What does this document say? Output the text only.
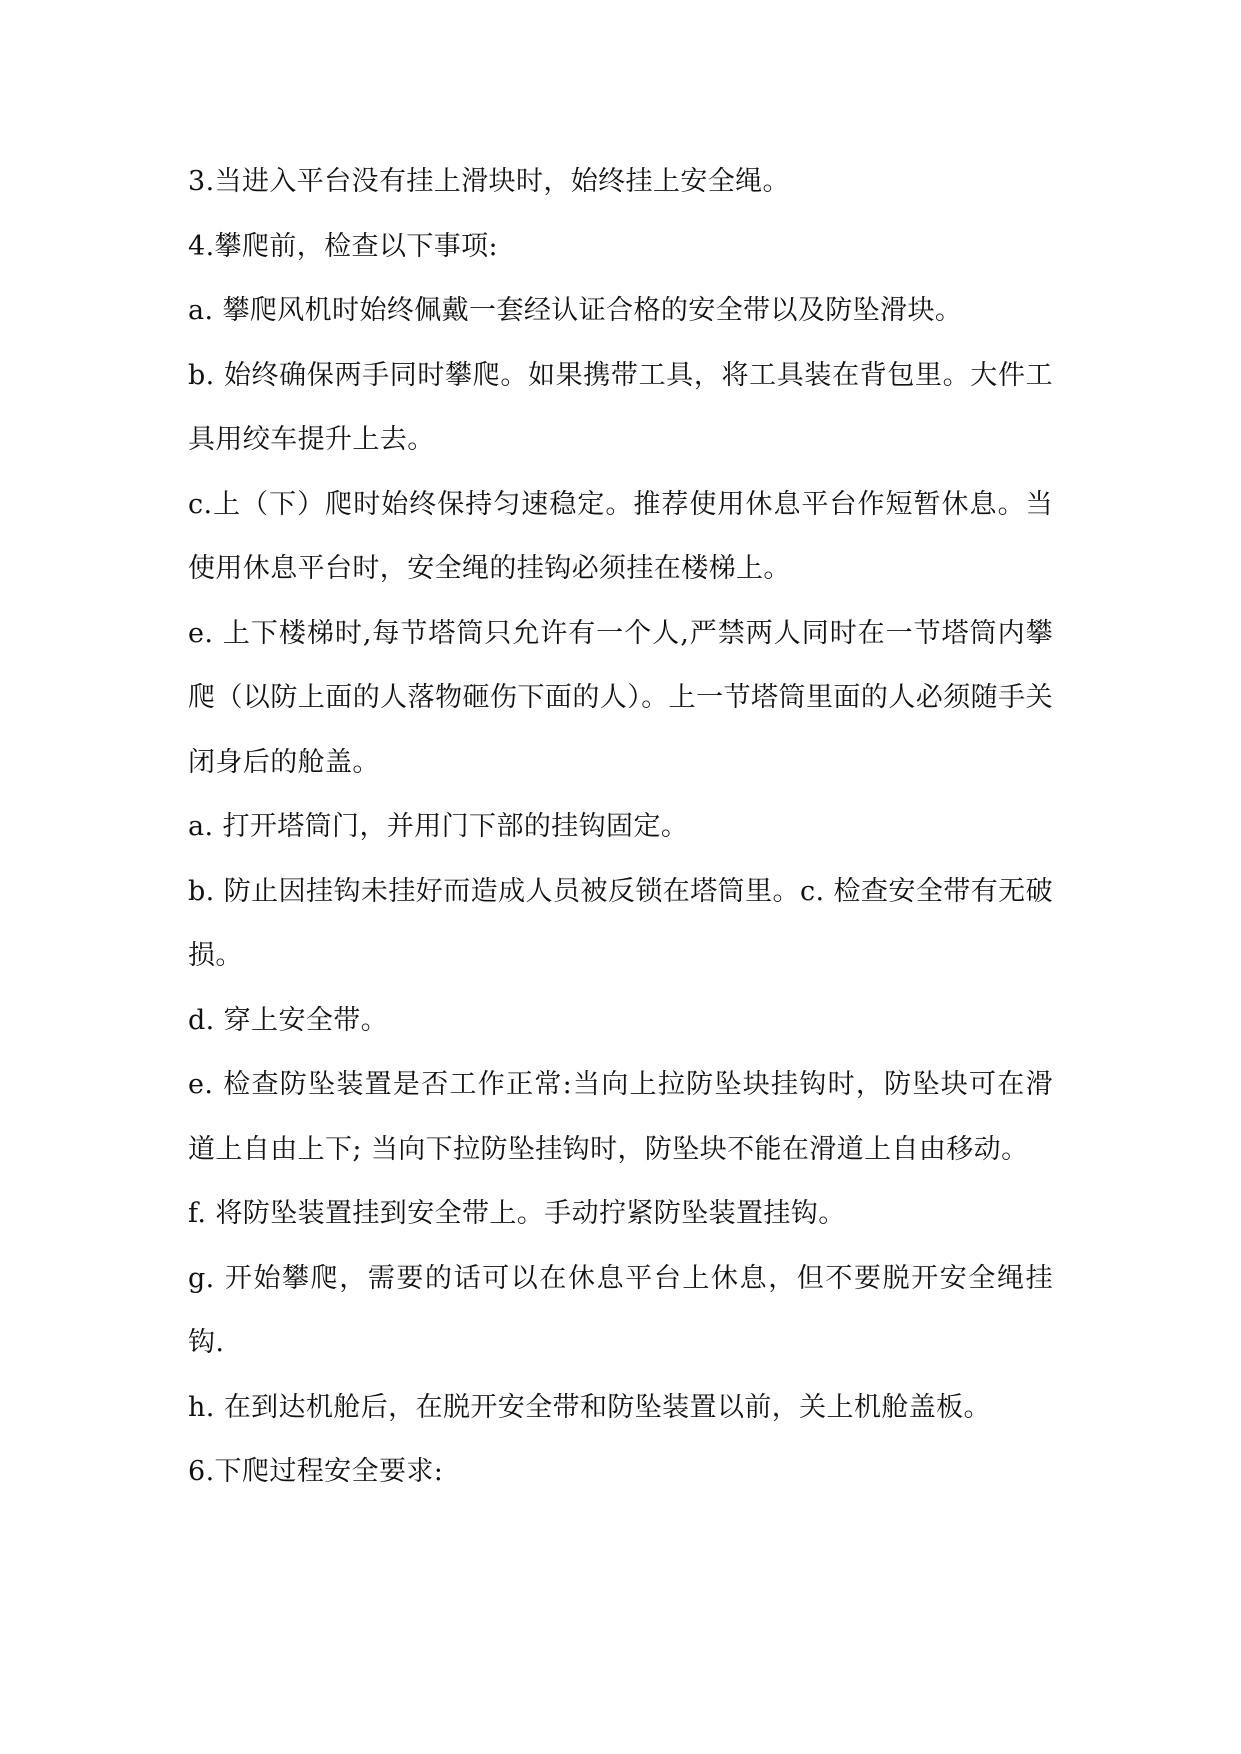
3.当进入平台没有挂上滑块时，始终挂上安全绳。

4.攀爬前，检查以下事项:

a. 攀爬风机时始终佩戴一套经认证合格的安全带以及防坠滑块。

b. 始终确保两手同时攀爬。如果携带工具，将工具装在背包里。大件工具用绞车提升上去。

c.上（下）爬时始终保持匀速稳定。推荐使用休息平台作短暂休息。当使用休息平台时，安全绳的挂钩必须挂在楼梯上。

e. 上下楼梯时,每节塔筒只允许有一个人,严禁两人同时在一节塔筒内攀爬（以防上面的人落物砸伤下面的人）。上一节塔筒里面的人必须随手关闭身后的舱盖。

a. 打开塔筒门，并用门下部的挂钩固定。

b. 防止因挂钩未挂好而造成人员被反锁在塔筒里。c. 检查安全带有无破损。

d. 穿上安全带。

e. 检查防坠装置是否工作正常:当向上拉防坠块挂钩时，防坠块可在滑道上自由上下; 当向下拉防坠挂钩时，防坠块不能在滑道上自由移动。

f. 将防坠装置挂到安全带上。手动拧紧防坠装置挂钩。

g. 开始攀爬，需要的话可以在休息平台上休息，但不要脱开安全绳挂钩.

h. 在到达机舱后，在脱开安全带和防坠装置以前，关上机舱盖板。

6.下爬过程安全要求:
